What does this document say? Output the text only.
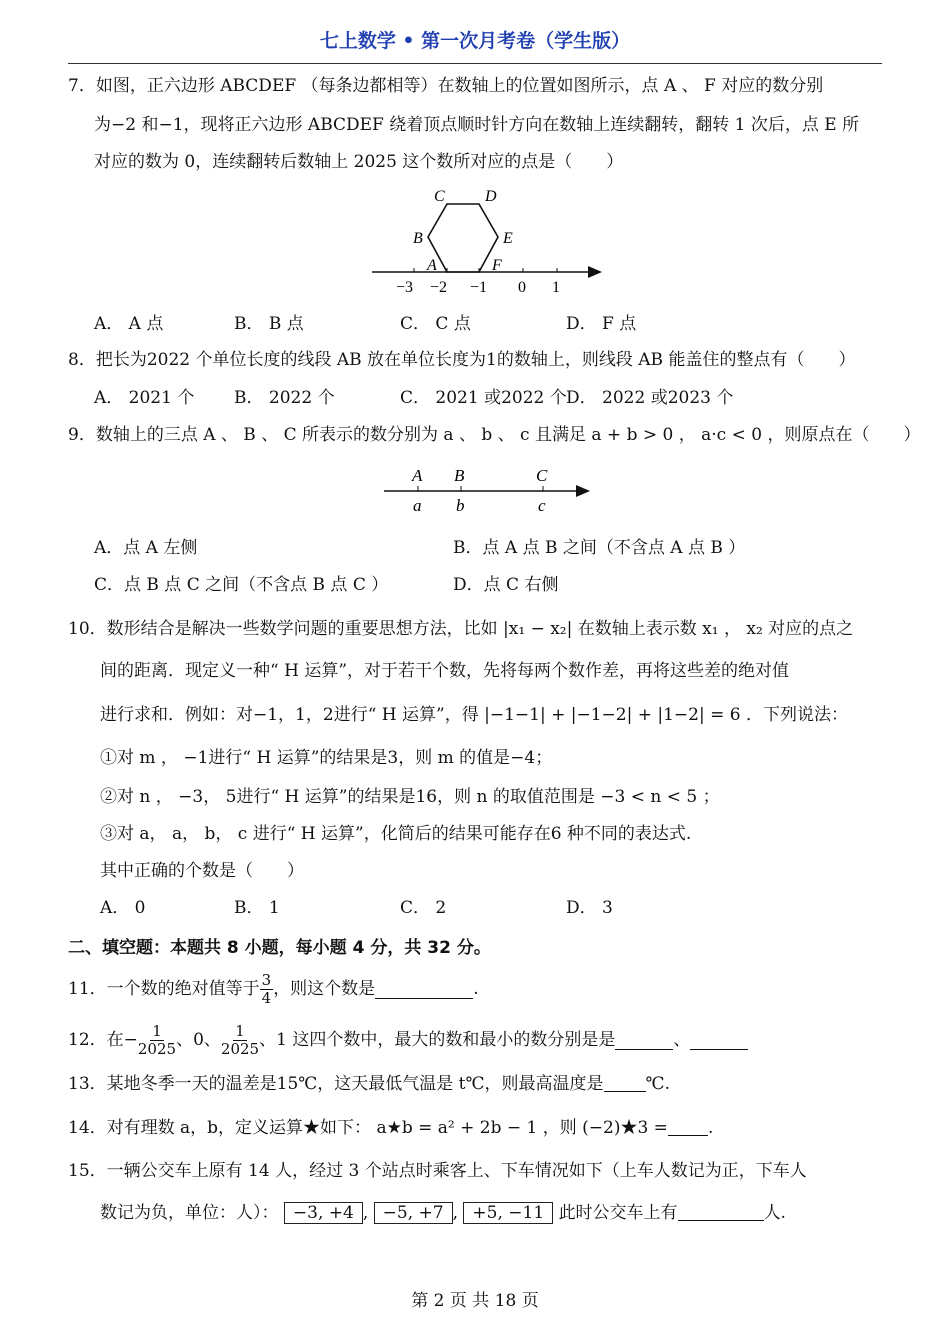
七上数学 • 第一次月考卷（学生版）
7．如图，正六边形 ABCDEF （每条边都相等）在数轴上的位置如图所示，点 A 、 F 对应的数分别
为−2 和−1，现将正六边形 ABCDEF 绕着顶点顺时针方向在数轴上连续翻转，翻转 1 次后，点 E 所
对应的数为 0，连续翻转后数轴上 2025 这个数所对应的点是（　　）
C	D
B	E
A	F
−3 −2 −1 0 1
A． A 点	B． B 点	C． C 点	D． F 点
8．把长为2022 个单位长度的线段 AB 放在单位长度为1的数轴上，则线段 AB 能盖住的整点有（　　）
A． 2021 个 B． 2022 个	C． 2021 或2022 个 D． 2022 或2023 个
9．数轴上的三点 A 、 B 、 C 所表示的数分别为 a 、 b 、 c 且满足 a + b > 0 ， a·c < 0 ，则原点在（　　）
A B	C
a b	c
A．点 A 左侧	B．点 A 点 B 之间（不含点 A 点 B ）
C．点 B 点 C 之间（不含点 B 点 C ）	D．点 C 右侧
10．数形结合是解决一些数学问题的重要思想方法，比如 |x₁ − x₂| 在数轴上表示数 x₁ ， x₂ 对应的点之
间的距离．现定义一种“ H 运算”，对于若干个数，先将每两个数作差，再将这些差的绝对值
进行求和．例如：对−1，1，2进行“ H 运算”，得 |−1−1| + |−1−2| + |1−2| = 6 ．下列说法：
①对 m ， −1进行“ H 运算”的结果是3，则 m 的值是−4；
②对 n ， −3， 5进行“ H 运算”的结果是16，则 n 的取值范围是 −3 < n < 5 ；
③对 a， a， b， c 进行“ H 运算”，化简后的结果可能存在6 种不同的表达式.
其中正确的个数是（　　）
A． 0	B． 1	C． 2	D． 3
二、填空题：本题共 8 小题，每小题 4 分，共 32 分。
11．一个数的绝对值等于 $\frac{3}{4}$ ，则这个数是	.
12．在− $\frac{1}{2025}$ 、0、 $\frac{1}{2025}$ 、1 这四个数中，最大的数和最小的数分别是是	、
13．某地冬季一天的温差是15℃，这天最低气温是 t℃，则最高温度是 ℃.
14．对有理数 a，b，定义运算★如下： a★b = a² + 2b − 1 ，则 (−2)★3 = .
15．一辆公交车上原有 14 人，经过 3 个站点时乘客上、下车情况如下（上车人数记为正，下车人
数记为负，单位：人）： −3, +4 , −5, +7 , +5, −11 此时公交车上有	人.
第 2 页 共 18 页
